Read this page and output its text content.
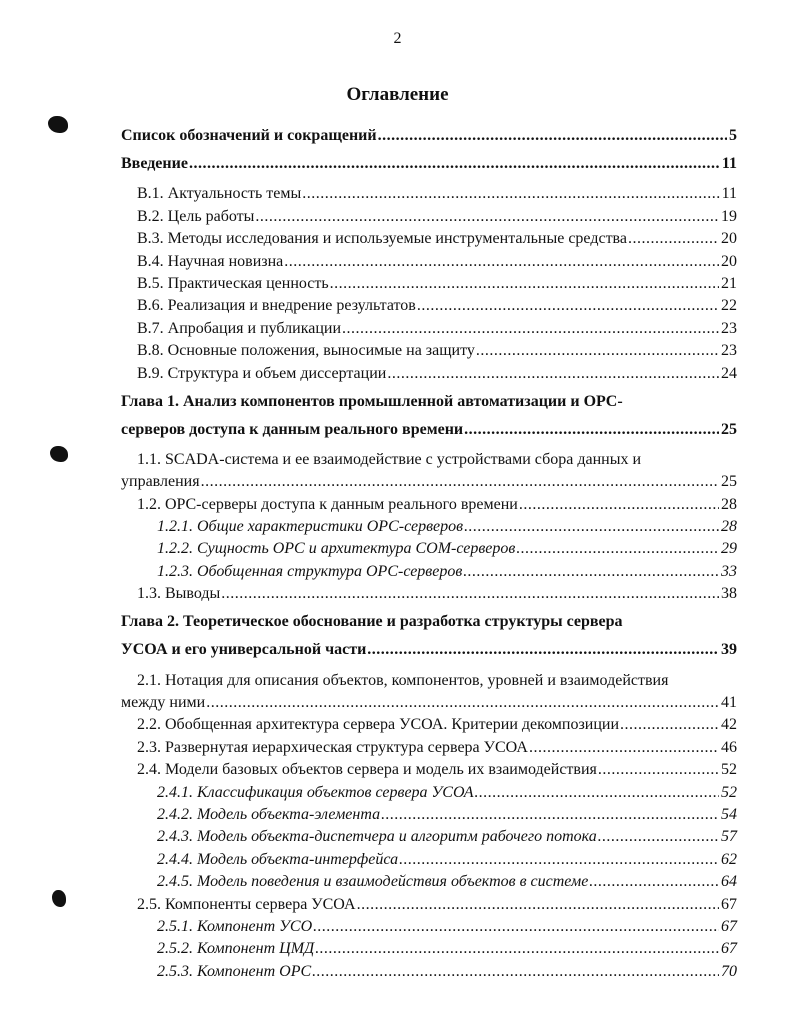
2
Оглавление
Список обозначений и сокращений .....	5
Введение .....	11
В.1. Актуальность темы .....	11
В.2. Цель работы .....	19
В.3. Методы исследования и используемые инструментальные средства .....	20
В.4. Научная новизна .....	20
В.5. Практическая ценность .....	21
В.6. Реализация и внедрение результатов .....	22
В.7. Апробация и публикации .....	23
В.8. Основные положения, выносимые на защиту .....	23
В.9. Структура и объем диссертации .....	24
Глава 1. Анализ компонентов промышленной автоматизации и OPC-
серверов доступа к данным реального времени .....	25
1.1. SCADA-система и ее взаимодействие с устройствами сбора данных и
управления .....	25
1.2. OPC-серверы доступа к данным реального времени .....	28
1.2.1. Общие характеристики OPC-серверов .....	28
1.2.2. Сущность OPC и архитектура COM-серверов .....	29
1.2.3. Обобщенная структура OPC-серверов .....	33
1.3. Выводы .....	38
Глава 2. Теоретическое обоснование и разработка структуры сервера
УСОА и его универсальной части .....	39
2.1. Нотация для описания объектов, компонентов, уровней и взаимодействия
между ними .....	41
2.2. Обобщенная архитектура сервера УСОА. Критерии декомпозиции .....	42
2.3. Развернутая иерархическая структура сервера УСОА .....	46
2.4. Модели базовых объектов сервера и модель их взаимодействия .....	52
2.4.1. Классификация объектов сервера УСОА .....	52
2.4.2. Модель объекта-элемента .....	54
2.4.3. Модель объекта-диспетчера и алгоритм рабочего потока .....	57
2.4.4. Модель объекта-интерфейса .....	62
2.4.5. Модель поведения и взаимодействия объектов в системе .....	64
2.5. Компоненты сервера УСОА .....	67
2.5.1. Компонент УСО .....	67
2.5.2. Компонент ЦМД .....	67
2.5.3. Компонент OPC .....	70
